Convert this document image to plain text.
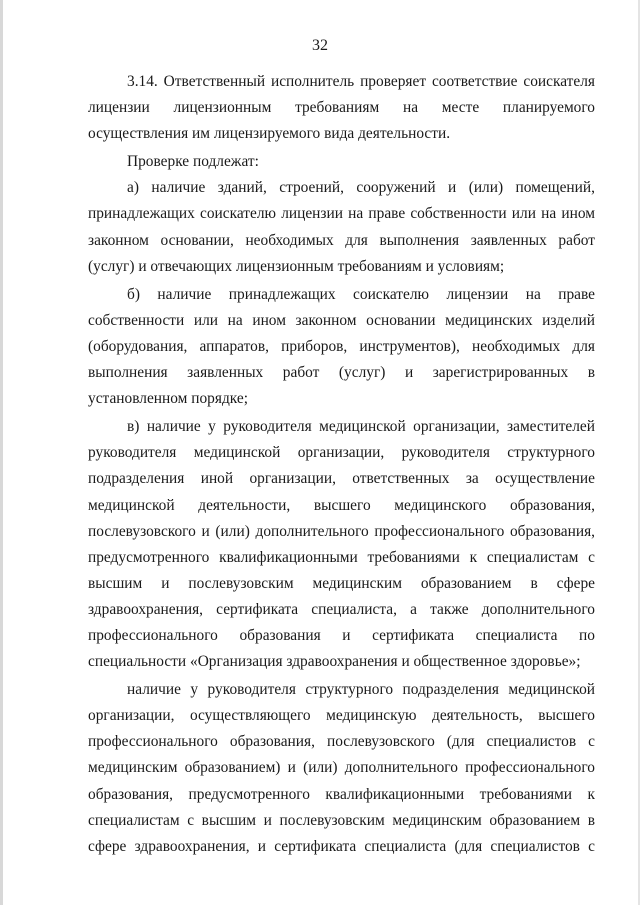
32

3.14. Ответственный исполнитель проверяет соответствие соискателя лицензии лицензионным требованиям на месте планируемого осуществления им лицензируемого вида деятельности.

Проверке подлежат:

а) наличие зданий, строений, сооружений и (или) помещений, принадлежащих соискателю лицензии на праве собственности или на ином законном основании, необходимых для выполнения заявленных работ (услуг) и отвечающих лицензионным требованиям и условиям;

б) наличие принадлежащих соискателю лицензии на праве собственности или на ином законном основании медицинских изделий (оборудования, аппаратов, приборов, инструментов), необходимых для выполнения заявленных работ (услуг) и зарегистрированных в установленном порядке;

в) наличие у руководителя медицинской организации, заместителей руководителя медицинской организации, руководителя структурного подразделения иной организации, ответственных за осуществление медицинской деятельности, высшего медицинского образования, послевузовского и (или) дополнительного профессионального образования, предусмотренного квалификационными требованиями к специалистам с высшим и послевузовским медицинским образованием в сфере здравоохранения, сертификата специалиста, а также дополнительного профессионального образования и сертификата специалиста по специальности «Организация здравоохранения и общественное здоровье»;

наличие у руководителя структурного подразделения медицинской организации, осуществляющего медицинскую деятельность, высшего профессионального образования, послевузовского (для специалистов с медицинским образованием) и (или) дополнительного профессионального образования, предусмотренного квалификационными требованиями к специалистам с высшим и послевузовским медицинским образованием в сфере здравоохранения, и сертификата специалиста (для специалистов с
